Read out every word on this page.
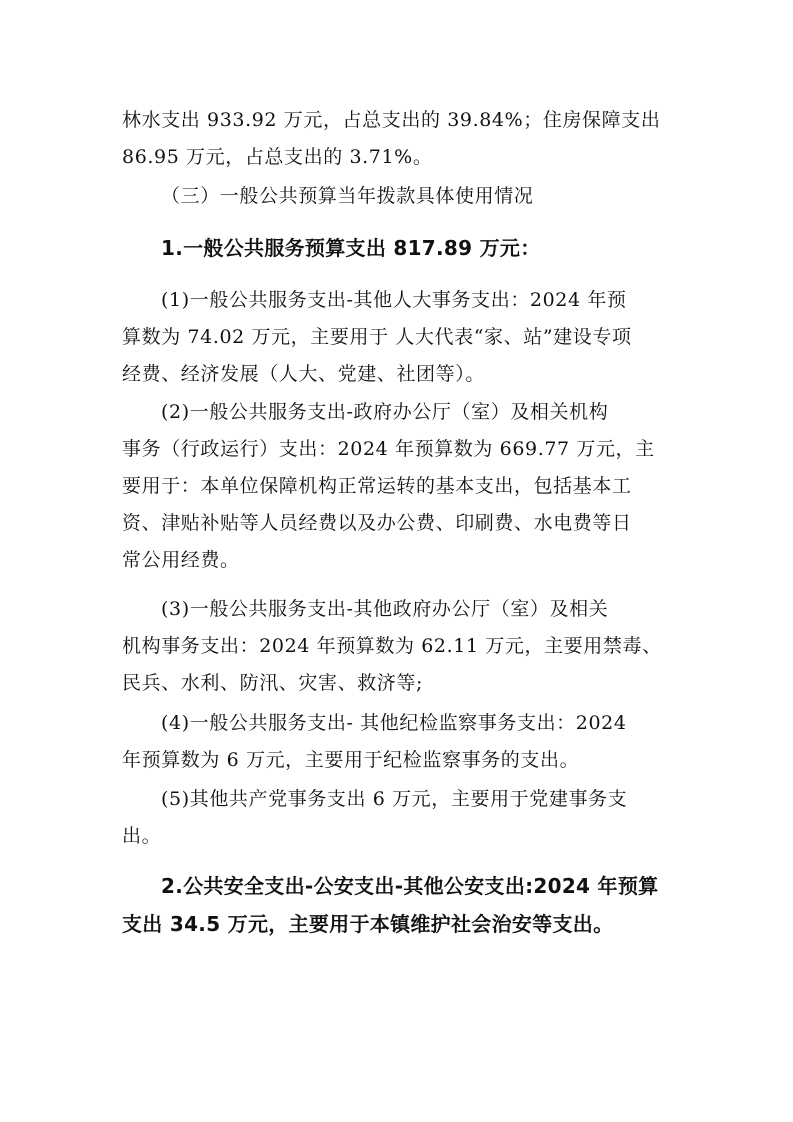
林水支出 933.92 万元，占总支出的 39.84%；住房保障支出
86.95 万元，占总支出的 3.71%。
（三）一般公共预算当年拨款具体使用情况
1.一般公共服务预算支出 817.89 万元：
(1)一般公共服务支出-其他人大事务支出：2024 年预
算数为 74.02 万元，主要用于 人大代表“家、站”建设专项
经费、经济发展（人大、党建、社团等）。
(2)一般公共服务支出-政府办公厅（室）及相关机构
事务（行政运行）支出：2024 年预算数为 669.77 万元，主
要用于：本单位保障机构正常运转的基本支出，包括基本工
资、津贴补贴等人员经费以及办公费、印刷费、水电费等日
常公用经费。
(3)一般公共服务支出-其他政府办公厅（室）及相关
机构事务支出：2024 年预算数为 62.11 万元，主要用禁毒、
民兵、水利、防汛、灾害、救济等;
(4)一般公共服务支出- 其他纪检监察事务支出：2024
年预算数为 6 万元，主要用于纪检监察事务的支出。
(5)其他共产党事务支出 6 万元，主要用于党建事务支
出。
2.公共安全支出-公安支出-其他公安支出:2024 年预算
支出 34.5 万元，主要用于本镇维护社会治安等支出。
